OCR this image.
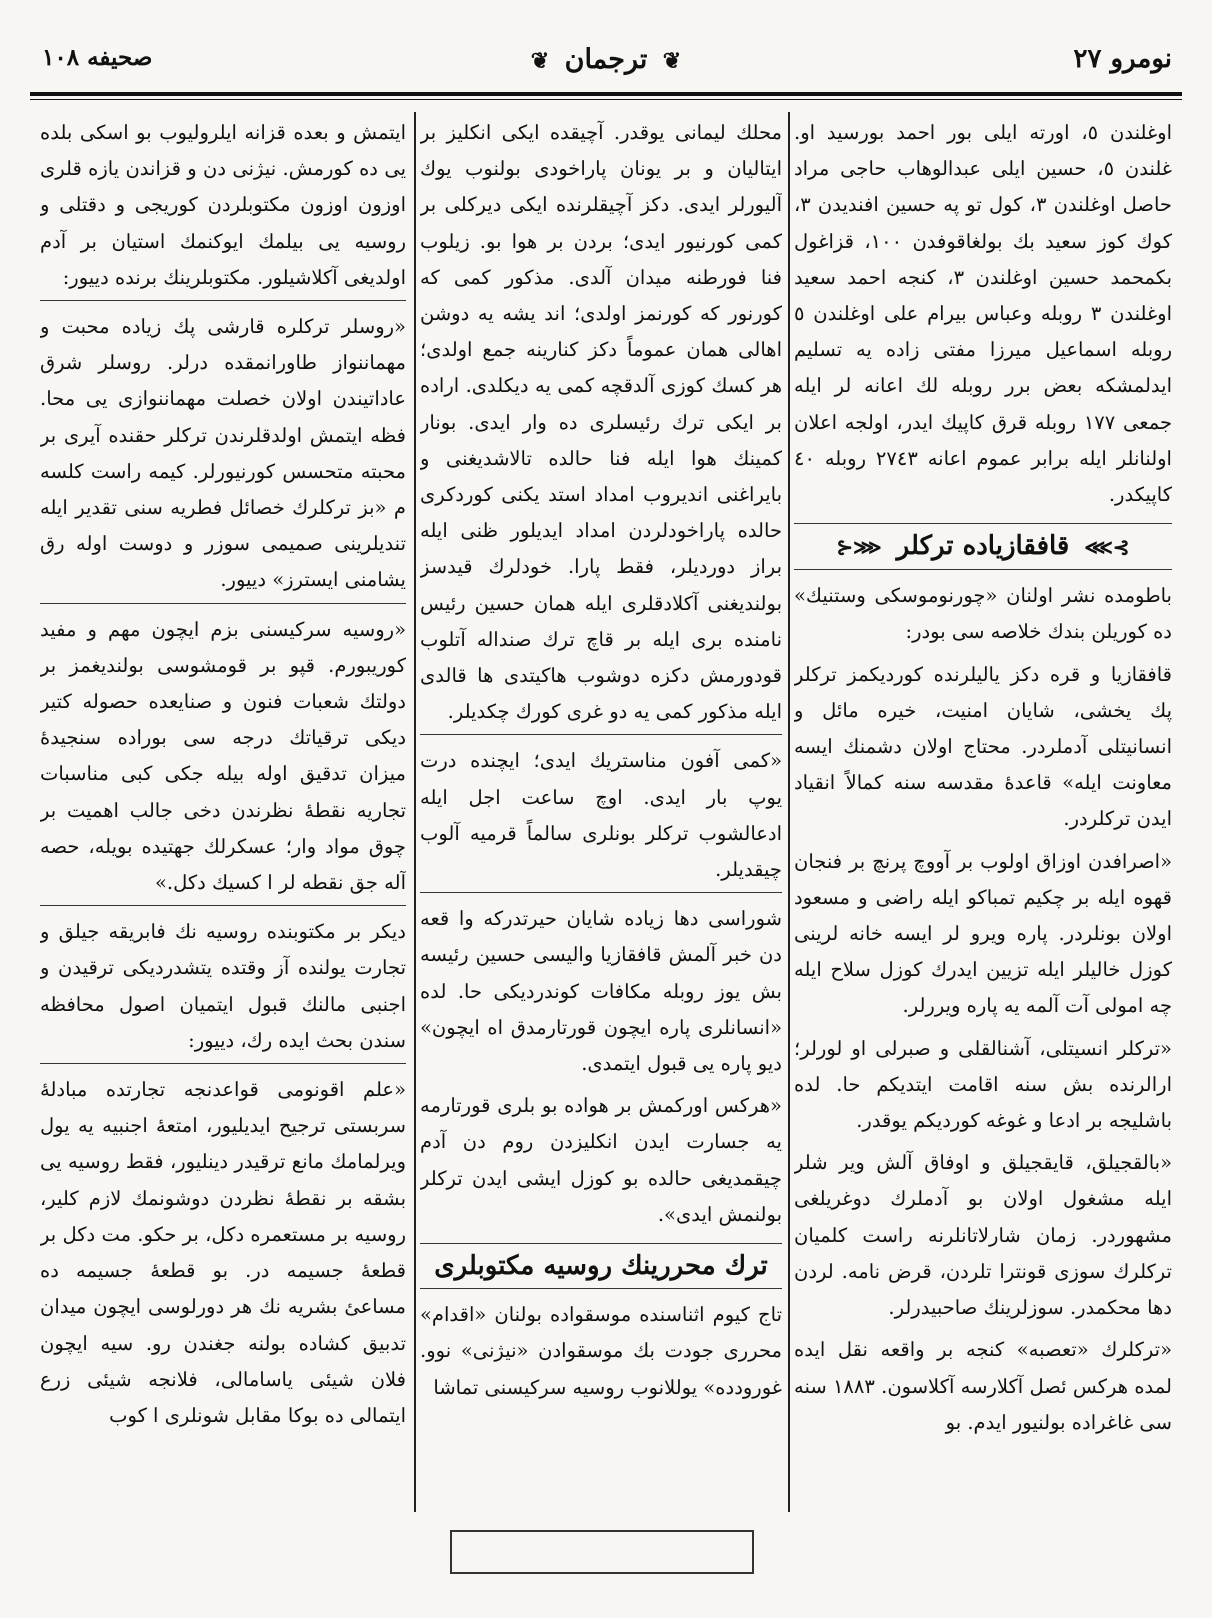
صحیفه ۱۰۸	❦ ترجمان ❦	نومرو ۲۷

اوغلندن ٥، اورته ایلی بور احمد بورسید او. غلندن ٥، حسین ایلی عبدالوهاب حاجی مراد حاصل اوغلندن ۳، کول تو په حسین افندیدن ۳، کوك کوز سعید بك بولغاقوفدن ۱۰۰، قزاغول بکمحمد حسین اوغلندن ۳، کنجه احمد سعید اوغلندن ۳ روبله وعباس بیرام علی اوغلندن ٥ روبله اسماعیل میرزا مفتی زاده یه تسلیم ایدلمشکه بعض برر روبله لك اعانه لر ایله جمعی ۱۷۷ روبله قرق کاپیك ایدر، اولجه اعلان اولنانلر ایله برابر عموم اعانه ۲۷٤۳ روبله ٤٠ کاپیکدر.

⊱⋙ قافقازیاده ترکلر ⋘⊰

باطومده نشر اولنان «چورنوموسکی وستنیك» ده کوریلن بندك خلاصه سی بودر:

قافقازیا و قره دکز یالیلرنده کوردیکمز ترکلر پك یخشی، شایان امنیت، خیره مائل و انسانیتلی آدملردر. محتاج اولان دشمنك ایسه معاونت ایله» قاعدهٔ مقدسه سنه کمالاً انقیاد ایدن ترکلردر.

«اصرافدن اوزاق اولوب بر آووچ پرنچ بر فنجان قهوه ایله بر چکیم تمباکو ایله راضی و مسعود اولان بونلردر. پاره ویرو لر ایسه خانه لرینی کوزل خالیلر ایله تزیین ایدرك کوزل سلاح ایله چه امولی آت آلمه یه پاره ویررلر.

«ترکلر انسیتلی، آشنالقلی و صبرلی او لورلر؛ ارالرنده بش سنه اقامت ایتدیکم حا. لده باشلیجه بر ادعا و غوغه کوردیکم یوقدر.

«بالقجیلق، قایقجیلق و اوفاق آلش ویر شلر ایله مشغول اولان بو آدملرك دوغریلغی مشهوردر. زمان شارلاتانلرنه راست کلمیان ترکلرك سوزی قونترا تلردن، قرض نامه. لردن دها محکمدر. سوزلرینك صاحبیدرلر.

«ترکلرك «تعصبه» کنجه بر واقعه نقل ایده لمده هرکس ئصل آکلارسه آکلاسون. ۱۸۸۳ سنه سی غاغراده بولنیور ایدم. بو

محلك لیمانی یوقدر. آچیقده ایکی انکلیز بر ایتالیان و بر یونان پاراخودی بولنوب یوك آلیورلر ایدی. دکز آچیقلرنده ایکی دیرکلی بر کمی کورنیور ایدی؛ بردن بر هوا بو. زیلوب فنا فورطنه میدان آلدی. مذکور کمی که کورنور که کورنمز اولدی؛ اند یشه یه دوشن اهالی همان عموماً دکز کنارینه جمع اولدی؛ هر کسك کوزی آلدقچه کمی یه دیکلدی. اراده بر ایکی ترك رئیسلری ده وار ایدی. بونار کمینك هوا ایله فنا حالده تالاشدیغنی و بایراغنی اندیروب امداد استد یکنی کوردکری حالده پاراخودلردن امداد ایدیلور ظنی ایله براز دوردیلر، فقط پارا. خودلرك قیدسز بولندیغنی آکلادقلری ایله همان حسین رئیس نامنده بری ایله بر قاچ ترك صنداله آتلوب قودورمش دکزه دوشوب هاکیتدی ها قالدی ایله مذکور کمی یه دو غری کورك چکدیلر.

«کمی آفون مناستریك ایدی؛ ایچنده درت یوپ بار ایدی. اوچ ساعت اجل ایله ادعالشوب ترکلر بونلری سالماً قرمیه آلوب چیقدیلر.

شوراسی دها زیاده شایان حیرتدرکه وا قعه دن خبر آلمش قافقازیا والیسی حسین رئیسه بش یوز روبله مکافات کوندردیکی حا. لده «انسانلری پاره ایچون قورتارمدق اه ایچون» دیو پاره یی قبول ایتمدی.

«هرکس اورکمش بر هواده بو بلری قورتارمه یه جسارت ایدن انکلیزدن روم دن آدم چیقمدیغی حالده بو کوزل ایشی ایدن ترکلر بولنمش ایدی».

ترك محررینك روسیه مکتوبلری

تاج کیوم اثناسنده موسقواده بولنان «اقدام» محرری جودت بك موسقوادن «نیژنی» نوو. غورودده» یوللانوب روسیه سرکیسنی تماشا

ایتمش و بعده قزانه ایلروليوب بو اسکی بلده یی ده کورمش. نیژنی دن و قزاندن یازه قلری اوزون اوزون مکتوبلردن کوریجی و دقتلی و روسیه یی بیلمك ایوکنمك استیان بر آدم اولدیغی آکلاشیلور. مکتوبلرینك برنده دییور:

«روسلر ترکلره قارشی پك زیاده محبت و مهماننواز طاورانمقده درلر. روسلر شرق عاداتیندن اولان خصلت مهماننوازی یی محا. فظه ایتمش اولدقلرندن ترکلر حقنده آیری بر محبته متحسس کورنیورلر. کیمه راست کلسه م «بز ترکلرك خصائل فطریه سنی تقدیر ایله تندیلرینی صمیمی سوزر و دوست اوله رق یشامنی ایسترز» دییور.

«روسیه سرکیسنی بزم ایچون مهم و مفید کوریبورم. قپو بر قومشوسی بولندیغمز بر دولتك شعبات فنون و صنایعده حصوله کتیر دیکی ترقیاتك درجه سی بوراده سنجیدهٔ میزان تدقیق اوله بیله جکی کبی مناسبات تجاریه نقطهٔ نظرندن دخی جالب اهمیت بر چوق مواد وار؛ عسکرلك جهتیده بویله، حصه آله جق نقطه لر ا کسیك دکل.»

دیکر بر مکتوبنده روسیه نك فابریقه جیلق و تجارت یولنده آز وقتده یتشدردیکی ترقیدن و اجنبی مالنك قبول ایتمیان اصول محافظه سندن بحث ایده رك، دییور:

«علم اقونومی قواعدنجه تجارتده مبادلهٔ سربستی ترجیح ایدیلیور، امتعهٔ اجنبیه یه یول ویرلمامك مانع ترقیدر دینلیور، فقط روسیه یی بشقه بر نقطهٔ نظردن دوشونمك لازم کلیر، روسیه بر مستعمره دکل، بر حکو. مت دکل بر قطعهٔ جسیمه در. بو قطعهٔ جسیمه ده مساعئ بشریه نك هر دورلوسی ایچون میدان تدبیق کشاده بولنه جغندن رو. سیه ایچون فلان شیئی یاسامالی، فلانجه شیئی زرع ایتمالی ده بوکا مقابل شونلری ا کوب
